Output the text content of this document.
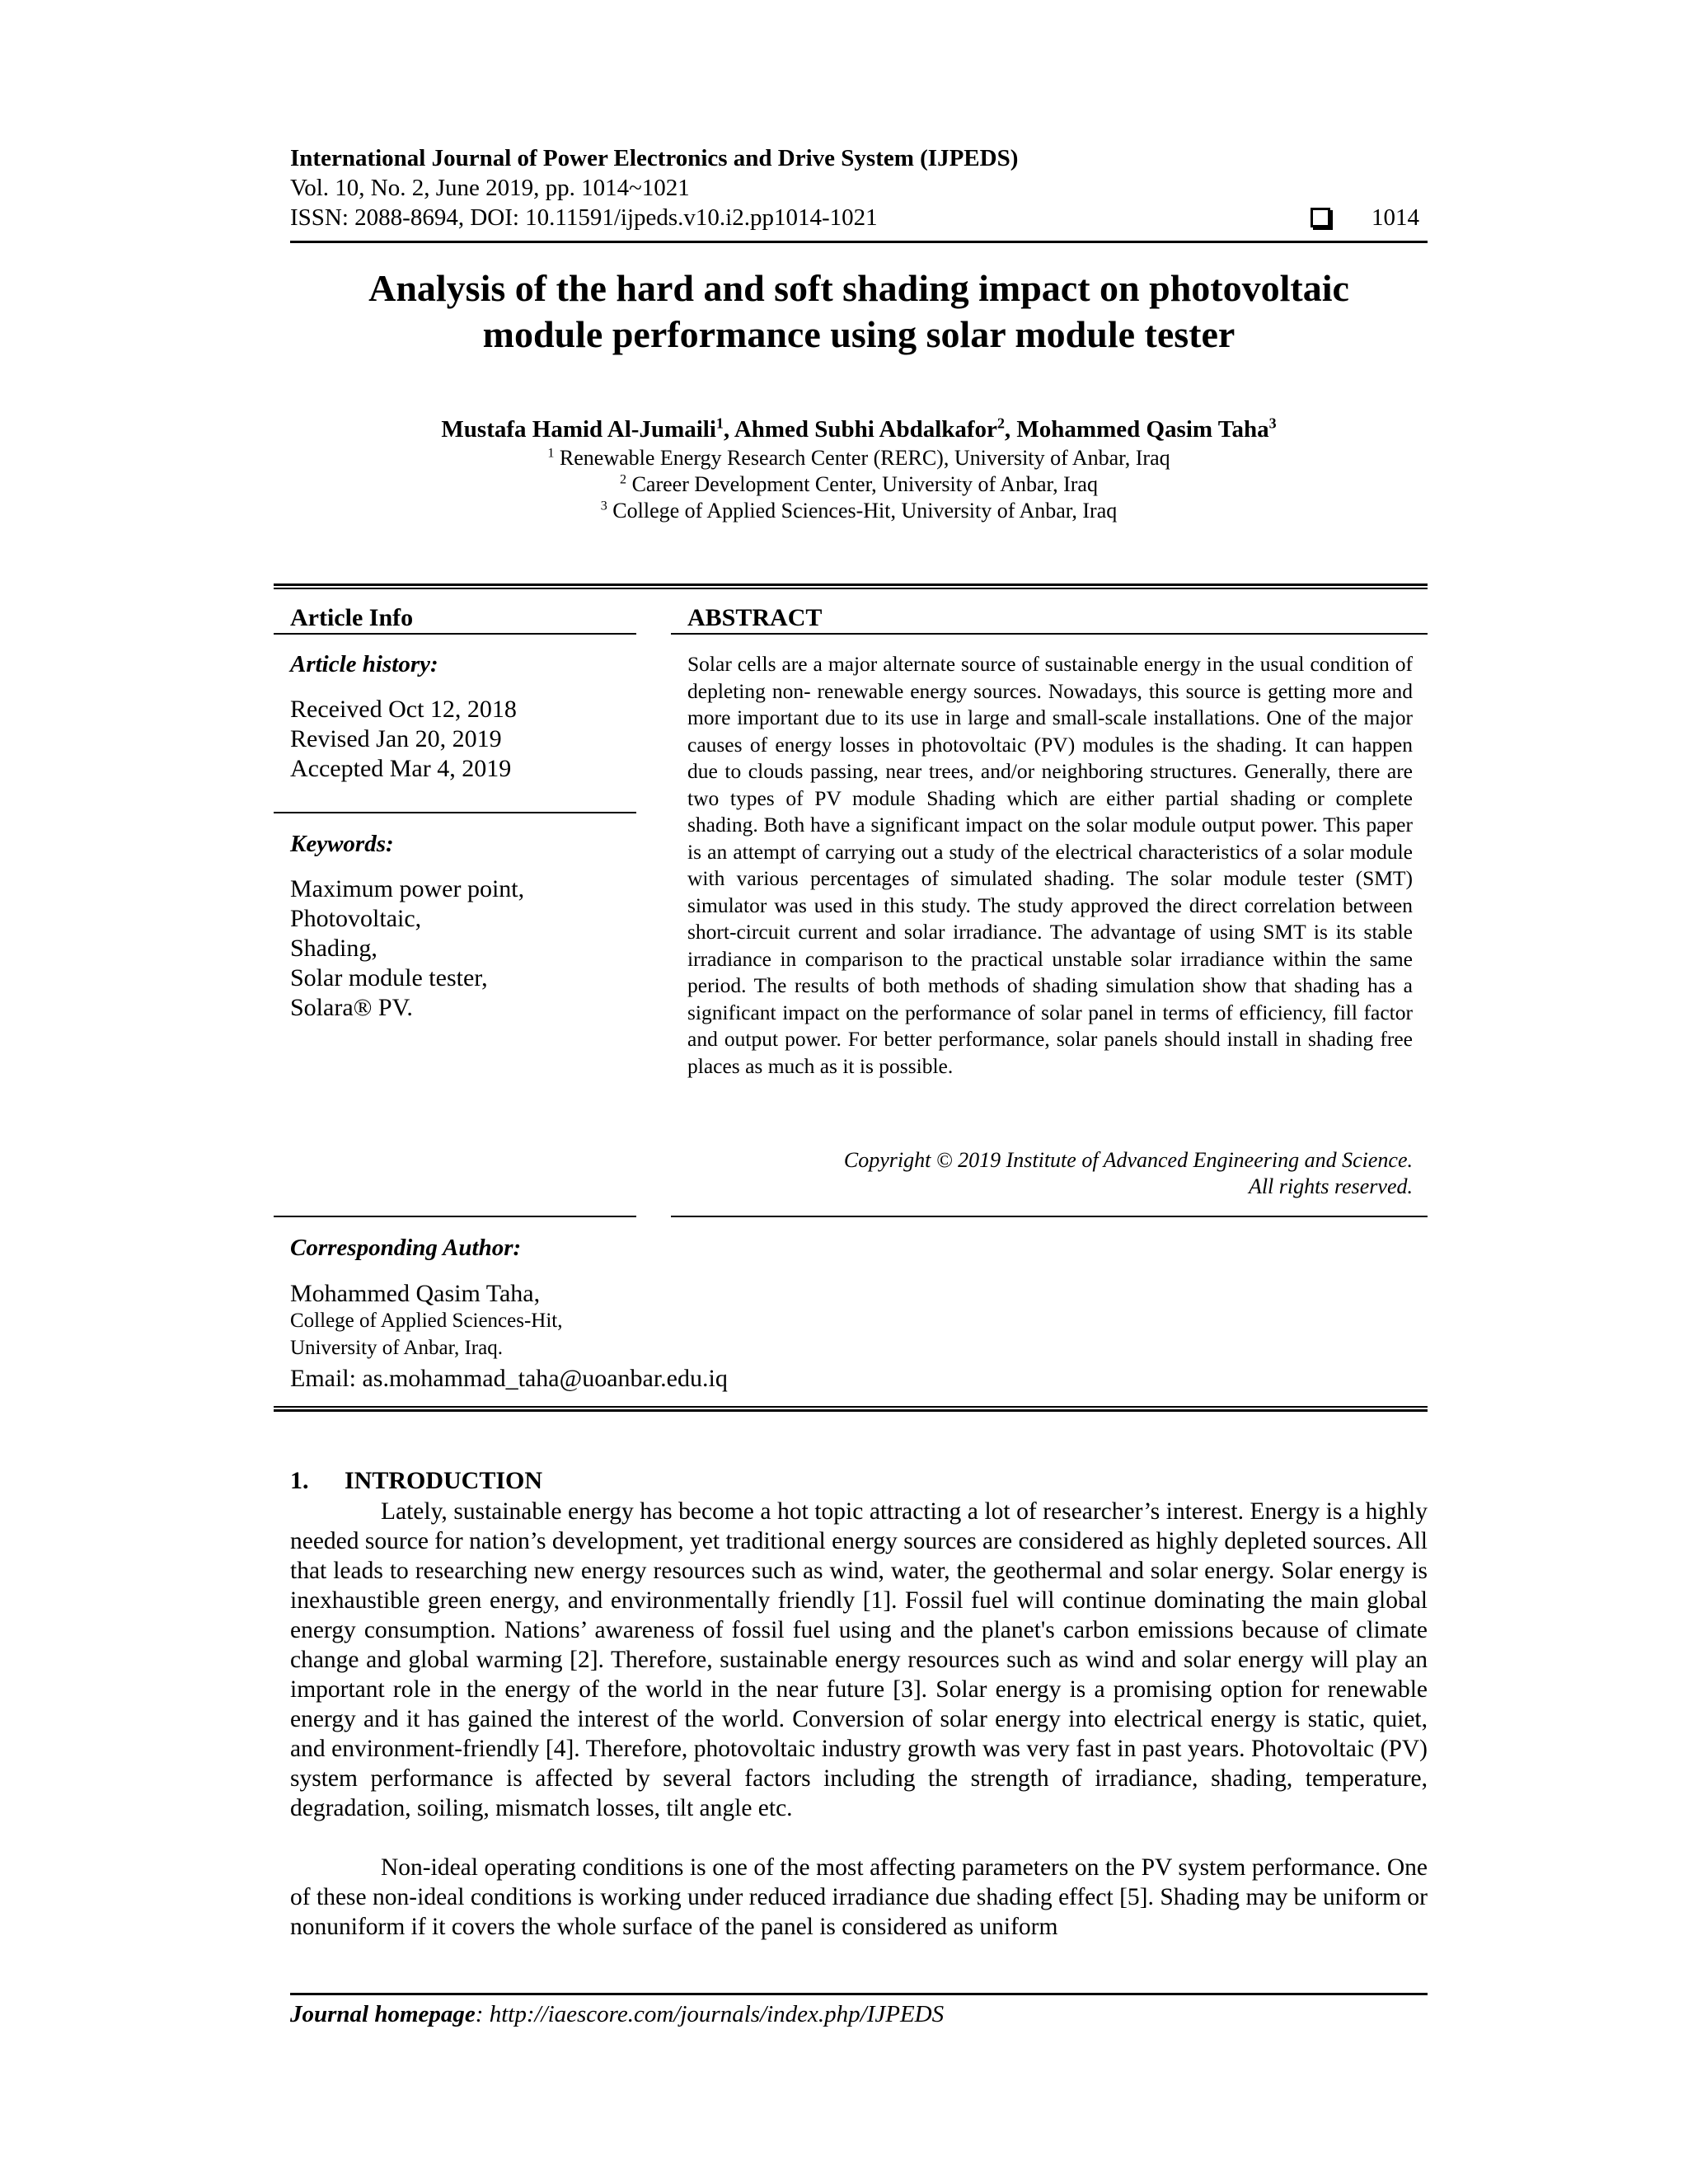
International Journal of Power Electronics and Drive System (IJPEDS)
Vol. 10, No. 2, June 2019, pp. 1014~1021
ISSN: 2088-8694, DOI: 10.11591/ijpeds.v10.i2.pp1014-1021	1014
Analysis of the hard and soft shading impact on photovoltaic
module performance using solar module tester
Mustafa Hamid Al-Jumaili$^1$, Ahmed Subhi Abdalkafor$^2$, Mohammed Qasim Taha$^3$
$^1$ Renewable Energy Research Center (RERC), University of Anbar, Iraq
$^2$ Career Development Center, University of Anbar, Iraq
$^3$ College of Applied Sciences-Hit, University of Anbar, Iraq
Article Info
Article history:
Received Oct 12, 2018
Revised Jan 20, 2019
Accepted Mar 4, 2019
Keywords:
Maximum power point,
Photovoltaic,
Shading,
Solar module tester,
Solara® PV.
ABSTRACT

Solar cells are a major alternate source of sustainable energy in the usual condition of depleting non- renewable energy sources. Nowadays, this source is getting more and more important due to its use in large and small-scale installations. One of the major causes of energy losses in photovoltaic (PV) modules is the shading. It can happen due to clouds passing, near trees, and/or neighboring structures. Generally, there are two types of PV module Shading which are either partial shading or complete shading. Both have a significant impact on the solar module output power. This paper is an attempt of carrying out a study of the electrical characteristics of a solar module with various percentages of simulated shading. The solar module tester (SMT) simulator was used in this study. The study approved the direct correlation between short-circuit current and solar irradiance. The advantage of using SMT is its stable irradiance in comparison to the practical unstable solar irradiance within the same period. The results of both methods of shading simulation show that shading has a significant impact on the performance of solar panel in terms of efficiency, fill factor and output power. For better performance, solar panels should install in shading free places as much as it is possible.

Copyright © 2019 Institute of Advanced Engineering and Science.
All rights reserved.
Corresponding Author:
Mohammed Qasim Taha,
College of Applied Sciences-Hit,
University of Anbar, Iraq.
Email: as.mohammad_taha@uoanbar.edu.iq
1. INTRODUCTION

Lately, sustainable energy has become a hot topic attracting a lot of researcher’s interest. Energy is a highly needed source for nation’s development, yet traditional energy sources are considered as highly depleted sources. All that leads to researching new energy resources such as wind, water, the geothermal and solar energy. Solar energy is inexhaustible green energy, and environmentally friendly [1]. Fossil fuel will continue dominating the main global energy consumption. Nations’ awareness of fossil fuel using and the planet's carbon emissions because of climate change and global warming [2]. Therefore, sustainable energy resources such as wind and solar energy will play an important role in the energy of the world in the near future [3]. Solar energy is a promising option for renewable energy and it has gained the interest of the world. Conversion of solar energy into electrical energy is static, quiet, and environment-friendly [4]. Therefore, photovoltaic industry growth was very fast in past years. Photovoltaic (PV) system performance is affected by several factors including the strength of irradiance, shading, temperature, degradation, soiling, mismatch losses, tilt angle etc.

Non-ideal operating conditions is one of the most affecting parameters on the PV system performance. One of these non-ideal conditions is working under reduced irradiance due shading effect [5]. Shading may be uniform or nonuniform if it covers the whole surface of the panel is considered as uniform

Journal homepage: http://iaescore.com/journals/index.php/IJPEDS
